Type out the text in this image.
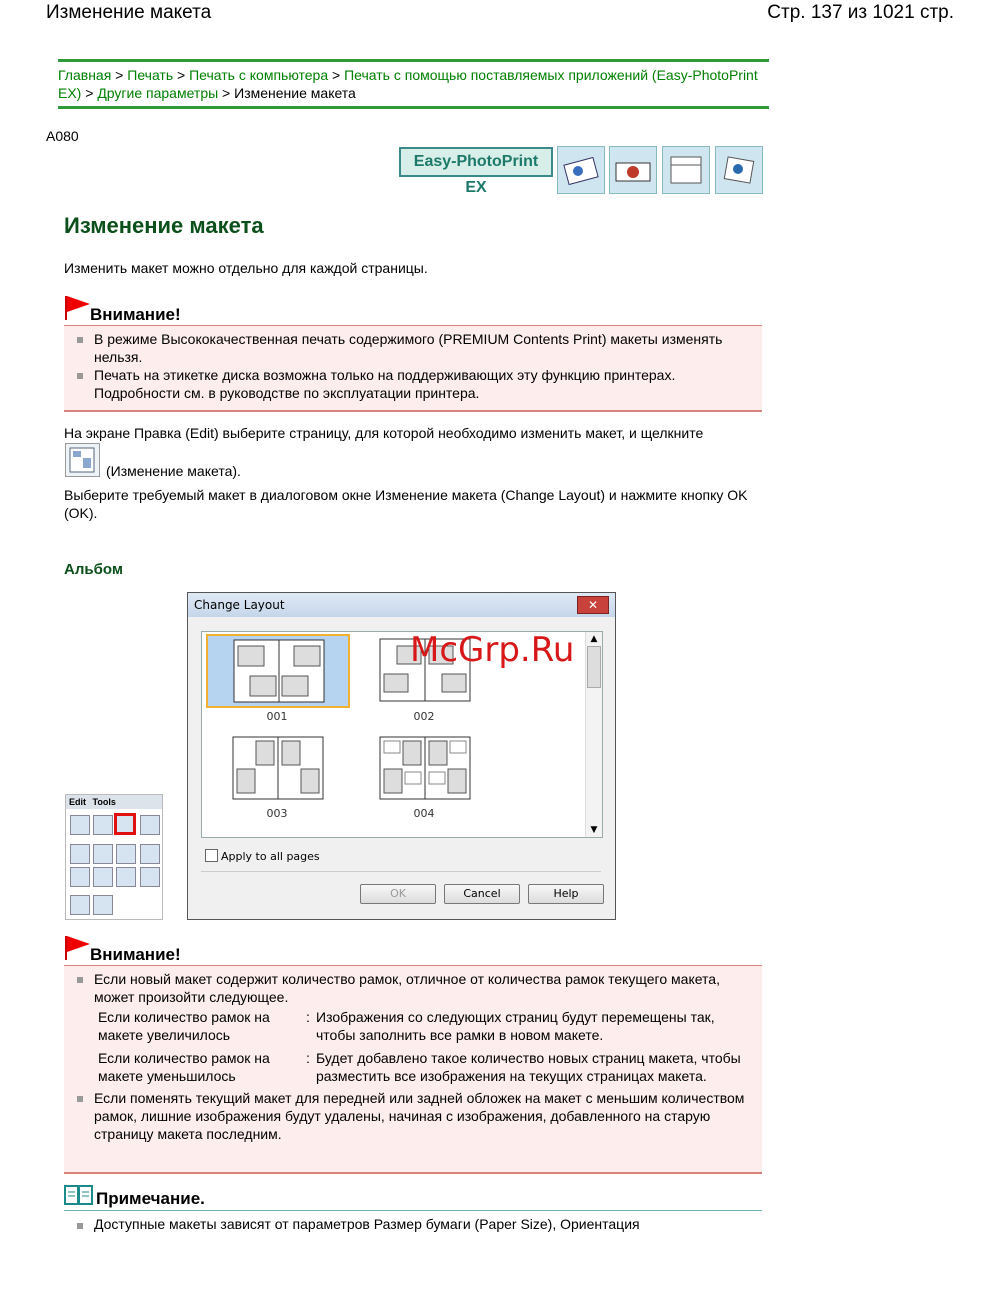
Изменение макета	Стр. 137 из 1021 стр.
Главная > Печать > Печать с компьютера > Печать с помощью поставляемых приложений (Easy-PhotoPrint EX) > Другие параметры > Изменение макета
A080
Easy-PhotoPrint EX
Изменение макета
Изменить макет можно отдельно для каждой страницы.
Внимание!
В режиме Высококачественная печать содержимого (PREMIUM Contents Print) макеты изменять нельзя.
Печать на этикетке диска возможна только на поддерживающих эту функцию принтерах. Подробности см. в руководстве по эксплуатации принтера.
На экране Правка (Edit) выберите страницу, для которой необходимо изменить макет, и щелкните
(Изменение макета).
Выберите требуемый макет в диалоговом окне Изменение макета (Change Layout) и нажмите кнопку OK (OK).
Альбом
Edit Tools
Change Layout	✕
001	002
003	004
▲
▼
Apply to all pages
OK	Cancel	Help
McGrp.Ru
Внимание!
Если новый макет содержит количество рамок, отличное от количества рамок текущего макета, может произойти следующее.
Если количество рамок на макете увеличилось
: Изображения со следующих страниц будут перемещены так, чтобы заполнить все рамки в новом макете.
Если количество рамок на макете уменьшилось
: Будет добавлено такое количество новых страниц макета, чтобы разместить все изображения на текущих страницах макета.
Если поменять текущий макет для передней или задней обложек на макет с меньшим количеством рамок, лишние изображения будут удалены, начиная с изображения, добавленного на старую страницу макета последним.
Примечание.
Доступные макеты зависят от параметров Размер бумаги (Paper Size), Ориентация
